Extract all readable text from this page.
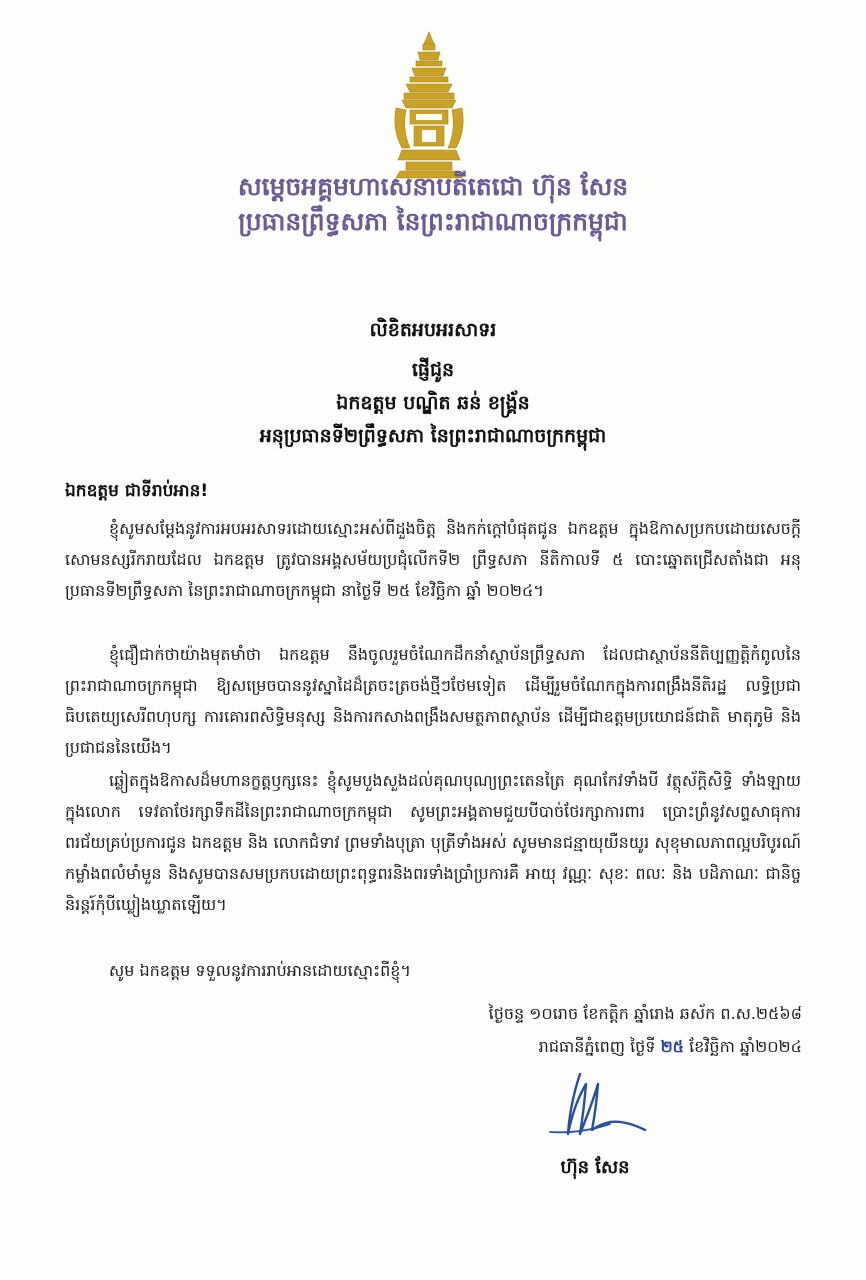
សម្តេចអគ្គមហាសេនាបតីតេជោ ហ៊ុន សែន
ប្រធានព្រឹទ្ធសភា នៃព្រះរាជាណាចក្រកម្ពុជា
លិខិតអបអរសាទរ
ផ្ញើជូន
ឯកឧត្តម បណ្ឌិត ឆន់ ខង្គ្រ័ន
អនុប្រធានទី២ព្រឹទ្ធសភា នៃព្រះរាជាណាចក្រកម្ពុជា
ឯកឧត្តម ជាទីរាប់អាន!
ខ្ញុំសូមសម្តែងនូវការអបអរសាទរដោយស្មោះអស់ពីដួងចិត្ត និងកក់ក្តៅបំផុតជូន ឯកឧត្តម ក្នុងឱកាសប្រកបដោយសេចក្តីសោមនស្សរីករាយដែល ឯកឧត្តម ត្រូវបានអង្គសម័យប្រជុំលើកទី២ ព្រឹទ្ធសភា នីតិកាលទី ៥ បោះឆ្នោតជ្រើសតាំងជា អនុប្រធានទី២ព្រឹទ្ធសភា នៃព្រះរាជាណាចក្រកម្ពុជា នាថ្ងៃទី ២៥ ខែវិច្ឆិកា ឆ្នាំ ២០២៤។
ខ្ញុំជឿជាក់ថាយ៉ាងមុតមាំថា ឯកឧត្តម នឹងចូលរួមចំណែកដឹកនាំស្ថាប័នព្រឹទ្ធសភា ដែលជាស្ថាប័ននីតិប្បញ្ញត្តិកំពូលនៃព្រះរាជាណាចក្រកម្ពុជា ឱ្យសម្រេចបាននូវស្នាដៃដ៏ត្រចះត្រចង់ថ្មីៗថែមទៀត ដើម្បីរួមចំណែកក្នុងការពង្រឹងនីតិរដ្ឋ លទ្ធិប្រជាធិបតេយ្យសេរីពហុបក្ស ការគោរពសិទ្ធិមនុស្ស និងការកសាងពង្រឹងសមត្ថភាពស្ថាប័ន ដើម្បីជាឧត្តមប្រយោជន៍ជាតិ មាតុភូមិ និងប្រជាជននៃយើង។
ឆ្លៀតក្នុងឱកាសដ៏មហានក្ខត្តឫក្សនេះ ខ្ញុំសូមបួងសួងដល់គុណបុណ្យព្រះតេនត្រៃ គុណកែវទាំងបី វត្ថុស័ក្តិសិទ្ធិ ទាំងឡាយក្នុងលោក ទេវតាថែរក្សាទឹកដីនៃព្រះរាជាណាចក្រកម្ពុជា សូមព្រះអង្គតាមជួយបីបាច់ថែរក្សាការពារ ប្រោះព្រំនូវសព្ទសាធុការពរជ័យគ្រប់ប្រការជូន ឯកឧត្តម និង លោកជំទាវ ព្រមទាំងបុត្រា បុត្រីទាំងអស់ សូមមានជន្មាយុយឺនយូរ សុខុមាលភាពល្អបរិបូរណ៍ កម្លាំងពលំមាំមួន និងសូមបានសមប្រកបដោយព្រះពុទ្ធពរនិងពរទាំងប្រាំប្រការគឺ អាយុ វណ្ណៈ សុខៈ ពលៈ និង បដិភាណៈ ជានិច្ចនិរន្តរ៍កុំបីឃ្លៀងឃ្លាតឡើយ។
សូម ឯកឧត្តម ទទួលនូវការរាប់អានដោយស្មោះពីខ្ញុំ។
ថ្ងៃចន្ទ ១០រោច ខែកត្តិក ឆ្នាំរោង ឆស័ក ព.ស.២៥៦៨
រាជធានីភ្នំពេញ ថ្ងៃទី ២៥ ខែវិច្ឆិកា ឆ្នាំ២០២៤
ហ៊ុន សែន
